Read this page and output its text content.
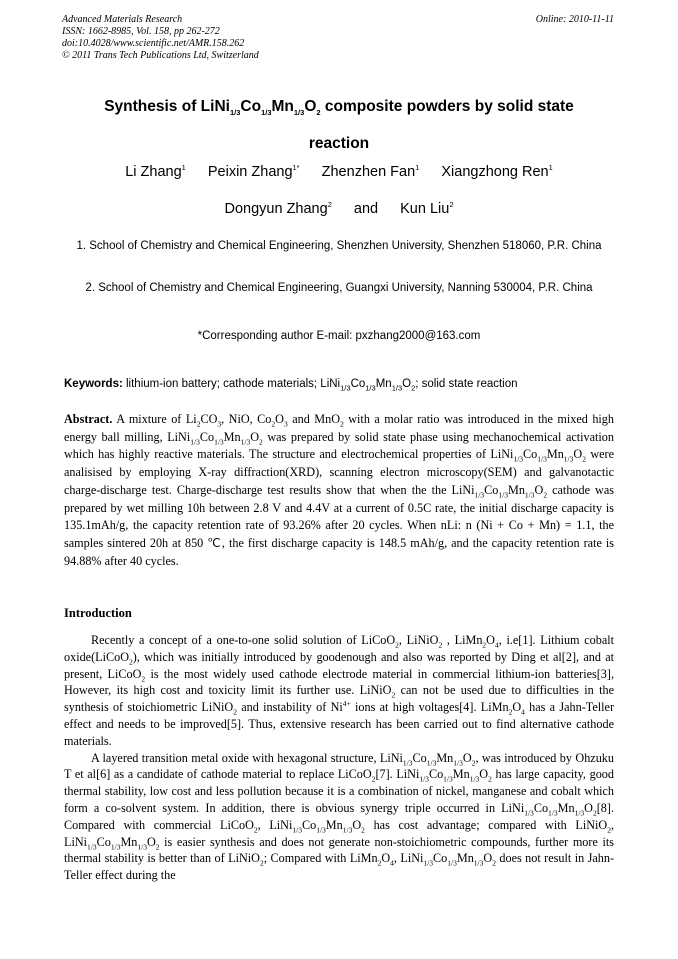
Advanced Materials Research
ISSN: 1662-8985, Vol. 158, pp 262-272
doi:10.4028/www.scientific.net/AMR.158.262
© 2011 Trans Tech Publications Ltd, Switzerland
Online: 2010-11-11
Synthesis of $LiNi_{1/3}Co_{1/3}Mn_{1/3}O_2$ composite powders by solid state
reaction
Li Zhang$^1$ Peixin Zhang$^{1*}$ Zhenzhen Fan$^1$ Xiangzhong Ren$^1$
Dongyun Zhang$^2$ and Kun Liu$^2$
1. School of Chemistry and Chemical Engineering, Shenzhen University, Shenzhen 518060, P.R. China
2. School of Chemistry and Chemical Engineering, Guangxi University, Nanning 530004, P.R. China
*Corresponding author E-mail: pxzhang2000@163.com
Keywords: lithium-ion battery; cathode materials; $LiNi_{1/3}Co_{1/3}Mn_{1/3}O_2$; solid state reaction
Abstract. A mixture of $Li_2CO_3$, NiO, $Co_2O_3$ and MnO$_2$ with a molar ratio was introduced in the mixed high energy ball milling, $LiNi_{1/3}Co_{1/3}Mn_{1/3}O_2$ was prepared by solid state phase using mechanochemical activation which has highly reactive materials. The structure and electrochemical properties of $LiNi_{1/3}Co_{1/3}Mn_{1/3}O_2$ were analisised by employing X-ray diffraction(XRD), scanning electron microscopy(SEM) and galvanotactic charge-discharge test. Charge-discharge test results show that when the the $LiNi_{1/3}Co_{1/3}Mn_{1/3}O_2$ cathode was prepared by wet milling 10h between 2.8 V and 4.4V at a current of 0.5C rate, the initial discharge capacity is 135.1mAh/g, the capacity retention rate of 93.26% after 20 cycles. When nLi: n (Ni + Co + Mn) = 1.1, the samples sintered 20h at 850 ℃, the first discharge capacity is 148.5 mAh/g, and the capacity retention rate is 94.88% after 40 cycles.
Introduction

Recently a concept of a one-to-one solid solution of LiCoO$_2$, LiNiO$_2$ , $LiMn_2O_4$, i.e[1]. Lithium cobalt oxide(LiCoO$_2$), which was initially introduced by goodenough and also was reported by Ding et al[2], and at present, LiCoO$_2$ is the most widely used cathode electrode material in commercial lithium-ion batteries[3], However, its high cost and toxicity limit its further use. LiNiO$_2$ can not be used due to difficulties in the synthesis of stoichiometric LiNiO$_2$ and instability of $Ni^{4+}$ ions at high voltages[4]. $LiMn_2O_4$ has a Jahn-Teller effect and needs to be improved[5]. Thus, extensive research has been carried out to find alternative cathode materials.

A layered transition metal oxide with hexagonal structure, $LiNi_{1/3}Co_{1/3}Mn_{1/3}O_2$, was introduced by Ohzuku T et al[6] as a candidate of cathode material to replace LiCoO$_2$[7]. $LiNi_{1/3}Co_{1/3}Mn_{1/3}O_2$ has large capacity, good thermal stability, low cost and less pollution because it is a combination of nickel, manganese and cobalt which form a co-solvent system. In addition, there is obvious synergy triple occurred in $LiNi_{1/3}Co_{1/3}Mn_{1/3}O_2[8]$. Compared with commercial LiCoO$_2$, $LiNi_{1/3}Co_{1/3}Mn_{1/3}O_2$ has cost advantage; compared with LiNiO$_2$, $LiNi_{1/3}Co_{1/3}Mn_{1/3}O_2$ is easier synthesis and does not generate non-stoichiometric compounds, further more its thermal stability is better than of LiNiO$_2$; Compared with $LiMn_2O_4$, $LiNi_{1/3}Co_{1/3}Mn_{1/3}O_2$ does not result in Jahn-Teller effect during the
